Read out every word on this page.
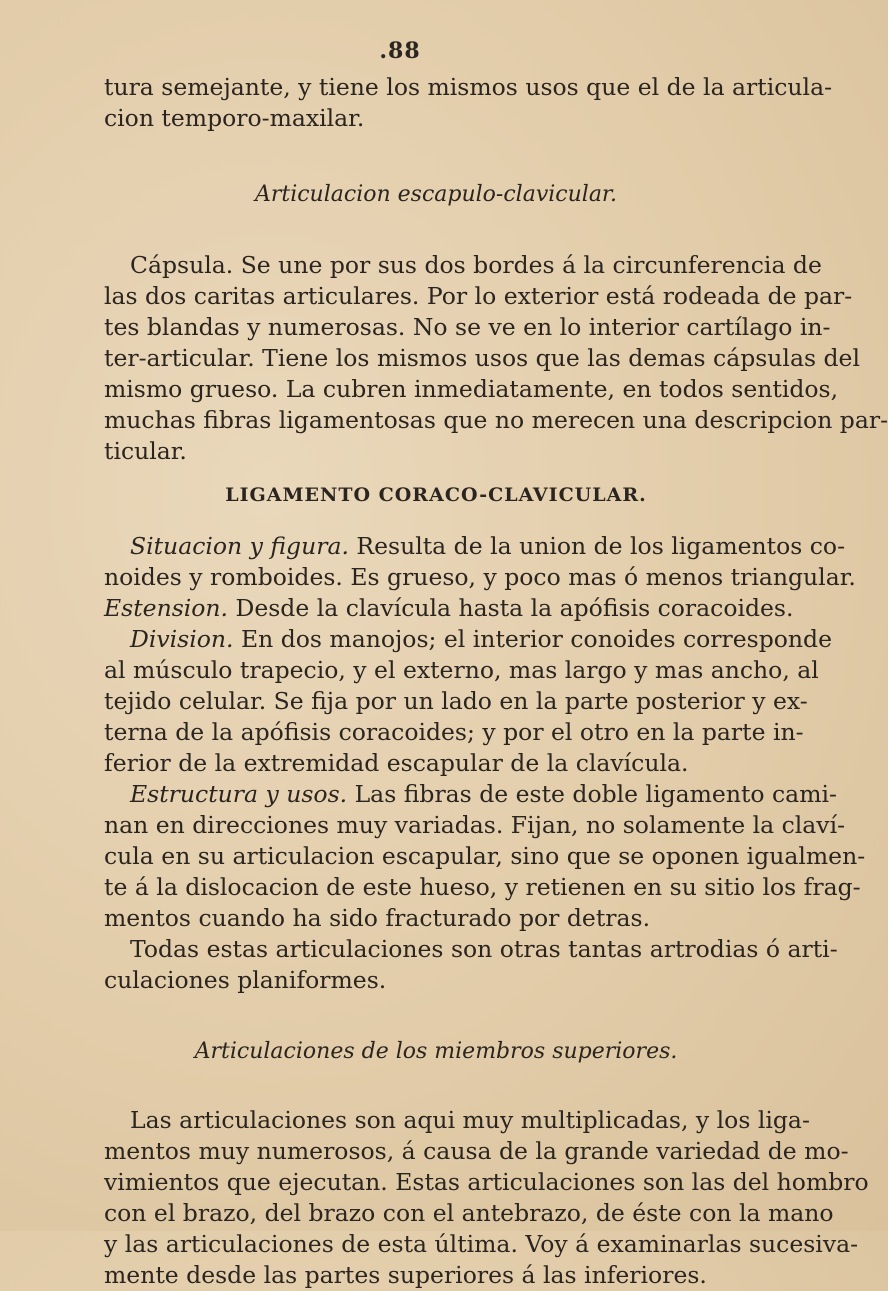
.88
tura semejante, y tiene los mismos usos que el de la articula-
cion temporo-maxilar.
Articulacion escapulo-clavicular.
Cápsula. Se une por sus dos bordes á la circunferencia de
las dos caritas articulares. Por lo exterior está rodeada de par-
tes blandas y numerosas. No se ve en lo interior cartílago in-
ter-articular. Tiene los mismos usos que las demas cápsulas del
mismo grueso. La cubren inmediatamente, en todos sentidos,
muchas fibras ligamentosas que no merecen una descripcion par-
ticular.
LIGAMENTO CORACO-CLAVICULAR.
Situacion y figura. Resulta de la union de los ligamentos co-
noides y romboides. Es grueso, y poco mas ó menos triangular.
Estension. Desde la clavícula hasta la apófisis coracoides.
Division. En dos manojos; el interior conoides corresponde
al músculo trapecio, y el externo, mas largo y mas ancho, al
tejido celular. Se fija por un lado en la parte posterior y ex-
terna de la apófisis coracoides; y por el otro en la parte in-
ferior de la extremidad escapular de la clavícula.
Estructura y usos. Las fibras de este doble ligamento cami-
nan en direcciones muy variadas. Fijan, no solamente la claví-
cula en su articulacion escapular, sino que se oponen igualmen-
te á la dislocacion de este hueso, y retienen en su sitio los frag-
mentos cuando ha sido fracturado por detras.
Todas estas articulaciones son otras tantas artrodias ó arti-
culaciones planiformes.
Articulaciones de los miembros superiores.
Las articulaciones son aqui muy multiplicadas, y los liga-
mentos muy numerosos, á causa de la grande variedad de mo-
vimientos que ejecutan. Estas articulaciones son las del hombro
con el brazo, del brazo con el antebrazo, de éste con la mano
y las articulaciones de esta última. Voy á examinarlas sucesiva-
mente desde las partes superiores á las inferiores.
